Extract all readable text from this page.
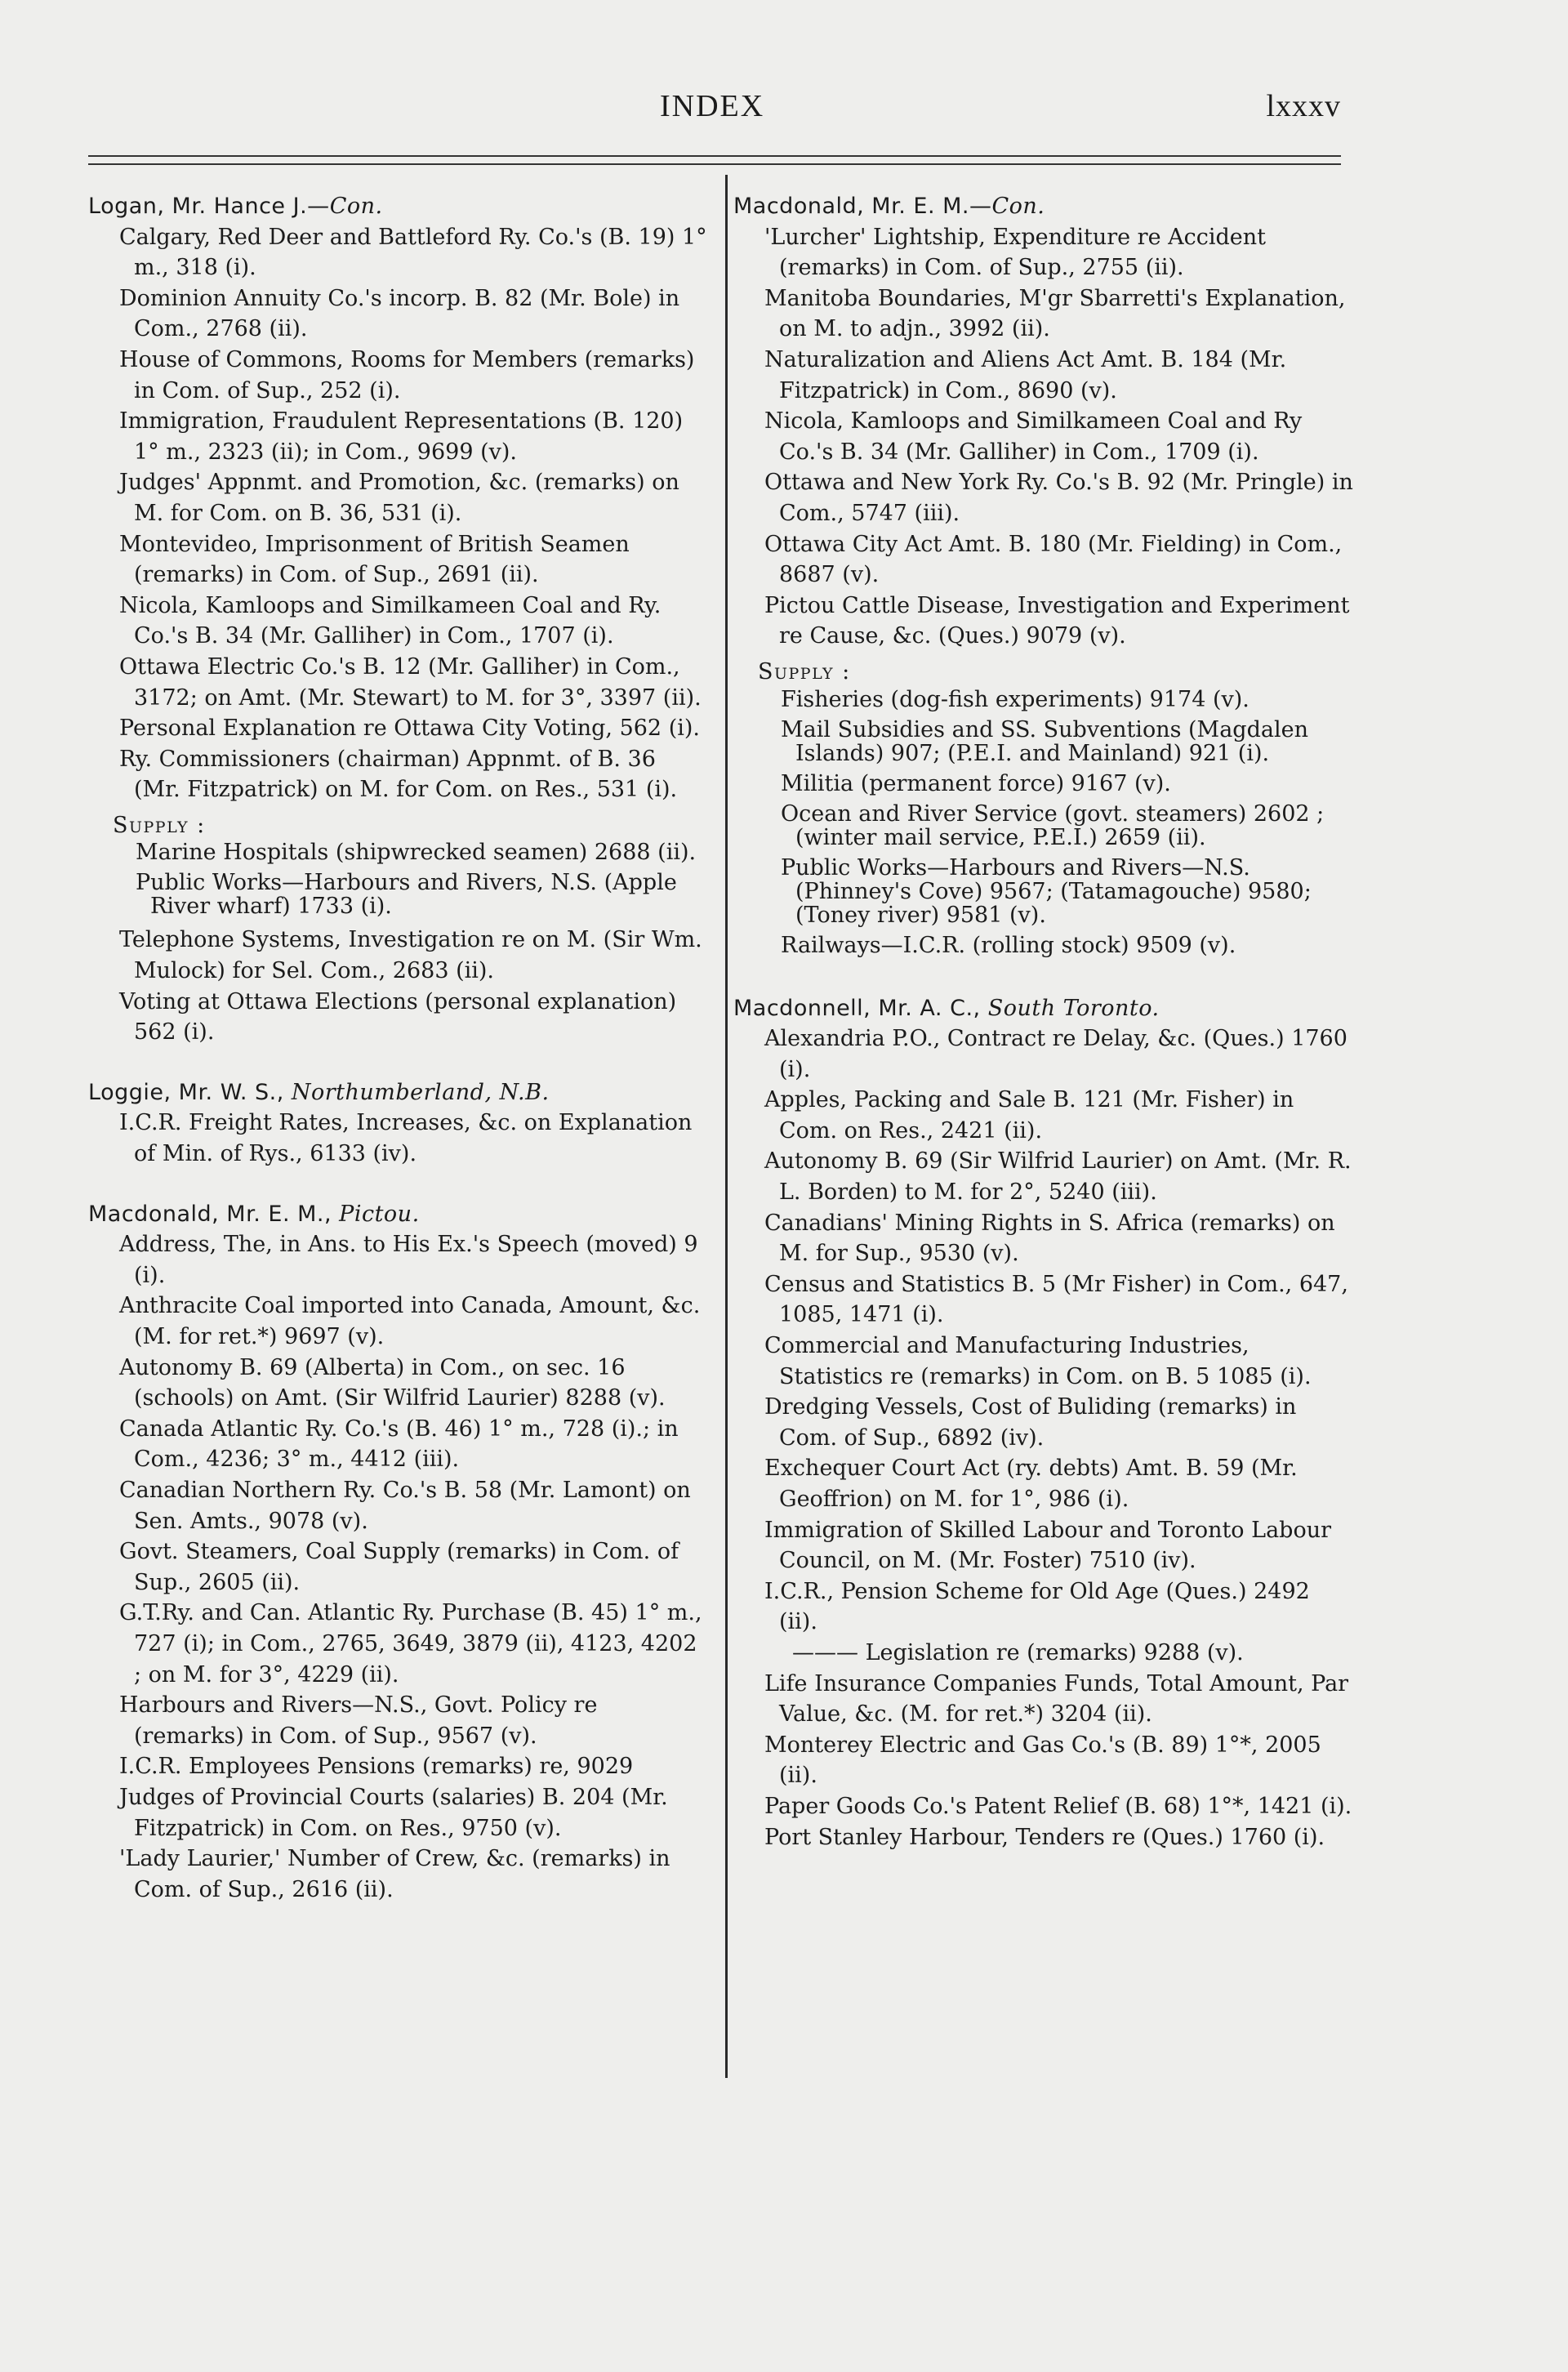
INDEX	lxxxv
Logan, Mr. Hance J.—Con.
Calgary, Red Deer and Battleford Ry. Co.'s (B. 19) 1° m., 318 (i).
Dominion Annuity Co.'s incorp. B. 82 (Mr. Bole) in Com., 2768 (ii).
House of Commons, Rooms for Members (remarks) in Com. of Sup., 252 (i).
Immigration, Fraudulent Representations (B. 120) 1° m., 2323 (ii); in Com., 9699 (v).
Judges' Appnmt. and Promotion, &c. (remarks) on M. for Com. on B. 36, 531 (i).
Montevideo, Imprisonment of British Seamen (remarks) in Com. of Sup., 2691 (ii).
Nicola, Kamloops and Similkameen Coal and Ry. Co.'s B. 34 (Mr. Galliher) in Com., 1707 (i).
Ottawa Electric Co.'s B. 12 (Mr. Galliher) in Com., 3172; on Amt. (Mr. Stewart) to M. for 3°, 3397 (ii).
Personal Explanation re Ottawa City Voting, 562 (i).
Ry. Commissioners (chairman) Appnmt. of B. 36 (Mr. Fitzpatrick) on M. for Com. on Res., 531 (i).
Supply :
Marine Hospitals (shipwrecked seamen) 2688 (ii).
Public Works—Harbours and Rivers, N.S. (Apple River wharf) 1733 (i).
Telephone Systems, Investigation re on M. (Sir Wm. Mulock) for Sel. Com., 2683 (ii).
Voting at Ottawa Elections (personal explanation) 562 (i).
Loggie, Mr. W. S., Northumberland, N.B.
I.C.R. Freight Rates, Increases, &c. on Explanation of Min. of Rys., 6133 (iv).
Macdonald, Mr. E. M., Pictou.
Address, The, in Ans. to His Ex.'s Speech (moved) 9 (i).
Anthracite Coal imported into Canada, Amount, &c. (M. for ret.*) 9697 (v).
Autonomy B. 69 (Alberta) in Com., on sec. 16 (schools) on Amt. (Sir Wilfrid Laurier) 8288 (v).
Canada Atlantic Ry. Co.'s (B. 46) 1° m., 728 (i).; in Com., 4236; 3° m., 4412 (iii).
Canadian Northern Ry. Co.'s B. 58 (Mr. Lamont) on Sen. Amts., 9078 (v).
Govt. Steamers, Coal Supply (remarks) in Com. of Sup., 2605 (ii).
G.T.Ry. and Can. Atlantic Ry. Purchase (B. 45) 1° m., 727 (i); in Com., 2765, 3649, 3879 (ii), 4123, 4202 ; on M. for 3°, 4229 (ii).
Harbours and Rivers—N.S., Govt. Policy re (remarks) in Com. of Sup., 9567 (v).
I.C.R. Employees Pensions (remarks) re, 9029
Judges of Provincial Courts (salaries) B. 204 (Mr. Fitzpatrick) in Com. on Res., 9750 (v).
'Lady Laurier,' Number of Crew, &c. (remarks) in Com. of Sup., 2616 (ii).
Macdonald, Mr. E. M.—Con.
'Lurcher' Lightship, Expenditure re Accident (remarks) in Com. of Sup., 2755 (ii).
Manitoba Boundaries, M'gr Sbarretti's Explanation, on M. to adjn., 3992 (ii).
Naturalization and Aliens Act Amt. B. 184 (Mr. Fitzpatrick) in Com., 8690 (v).
Nicola, Kamloops and Similkameen Coal and Ry Co.'s B. 34 (Mr. Galliher) in Com., 1709 (i).
Ottawa and New York Ry. Co.'s B. 92 (Mr. Pringle) in Com., 5747 (iii).
Ottawa City Act Amt. B. 180 (Mr. Fielding) in Com., 8687 (v).
Pictou Cattle Disease, Investigation and Experiment re Cause, &c. (Ques.) 9079 (v).
Supply :
Fisheries (dog-fish experiments) 9174 (v).
Mail Subsidies and SS. Subventions (Magdalen Islands) 907; (P.E.I. and Mainland) 921 (i).
Militia (permanent force) 9167 (v).
Ocean and River Service (govt. steamers) 2602 ; (winter mail service, P.E.I.) 2659 (ii).
Public Works—Harbours and Rivers—N.S. (Phinney's Cove) 9567; (Tatamagouche) 9580; (Toney river) 9581 (v).
Railways—I.C.R. (rolling stock) 9509 (v).
Macdonnell, Mr. A. C., South Toronto.
Alexandria P.O., Contract re Delay, &c. (Ques.) 1760 (i).
Apples, Packing and Sale B. 121 (Mr. Fisher) in Com. on Res., 2421 (ii).
Autonomy B. 69 (Sir Wilfrid Laurier) on Amt. (Mr. R. L. Borden) to M. for 2°, 5240 (iii).
Canadians' Mining Rights in S. Africa (remarks) on M. for Sup., 9530 (v).
Census and Statistics B. 5 (Mr Fisher) in Com., 647, 1085, 1471 (i).
Commercial and Manufacturing Industries, Statistics re (remarks) in Com. on B. 5 1085 (i).
Dredging Vessels, Cost of Buliding (remarks) in Com. of Sup., 6892 (iv).
Exchequer Court Act (ry. debts) Amt. B. 59 (Mr. Geoffrion) on M. for 1°, 986 (i).
Immigration of Skilled Labour and Toronto Labour Council, on M. (Mr. Foster) 7510 (iv).
I.C.R., Pension Scheme for Old Age (Ques.) 2492 (ii).
——— Legislation re (remarks) 9288 (v).
Life Insurance Companies Funds, Total Amount, Par Value, &c. (M. for ret.*) 3204 (ii).
Monterey Electric and Gas Co.'s (B. 89) 1°*, 2005 (ii).
Paper Goods Co.'s Patent Relief (B. 68) 1°*, 1421 (i).
Port Stanley Harbour, Tenders re (Ques.) 1760 (i).
